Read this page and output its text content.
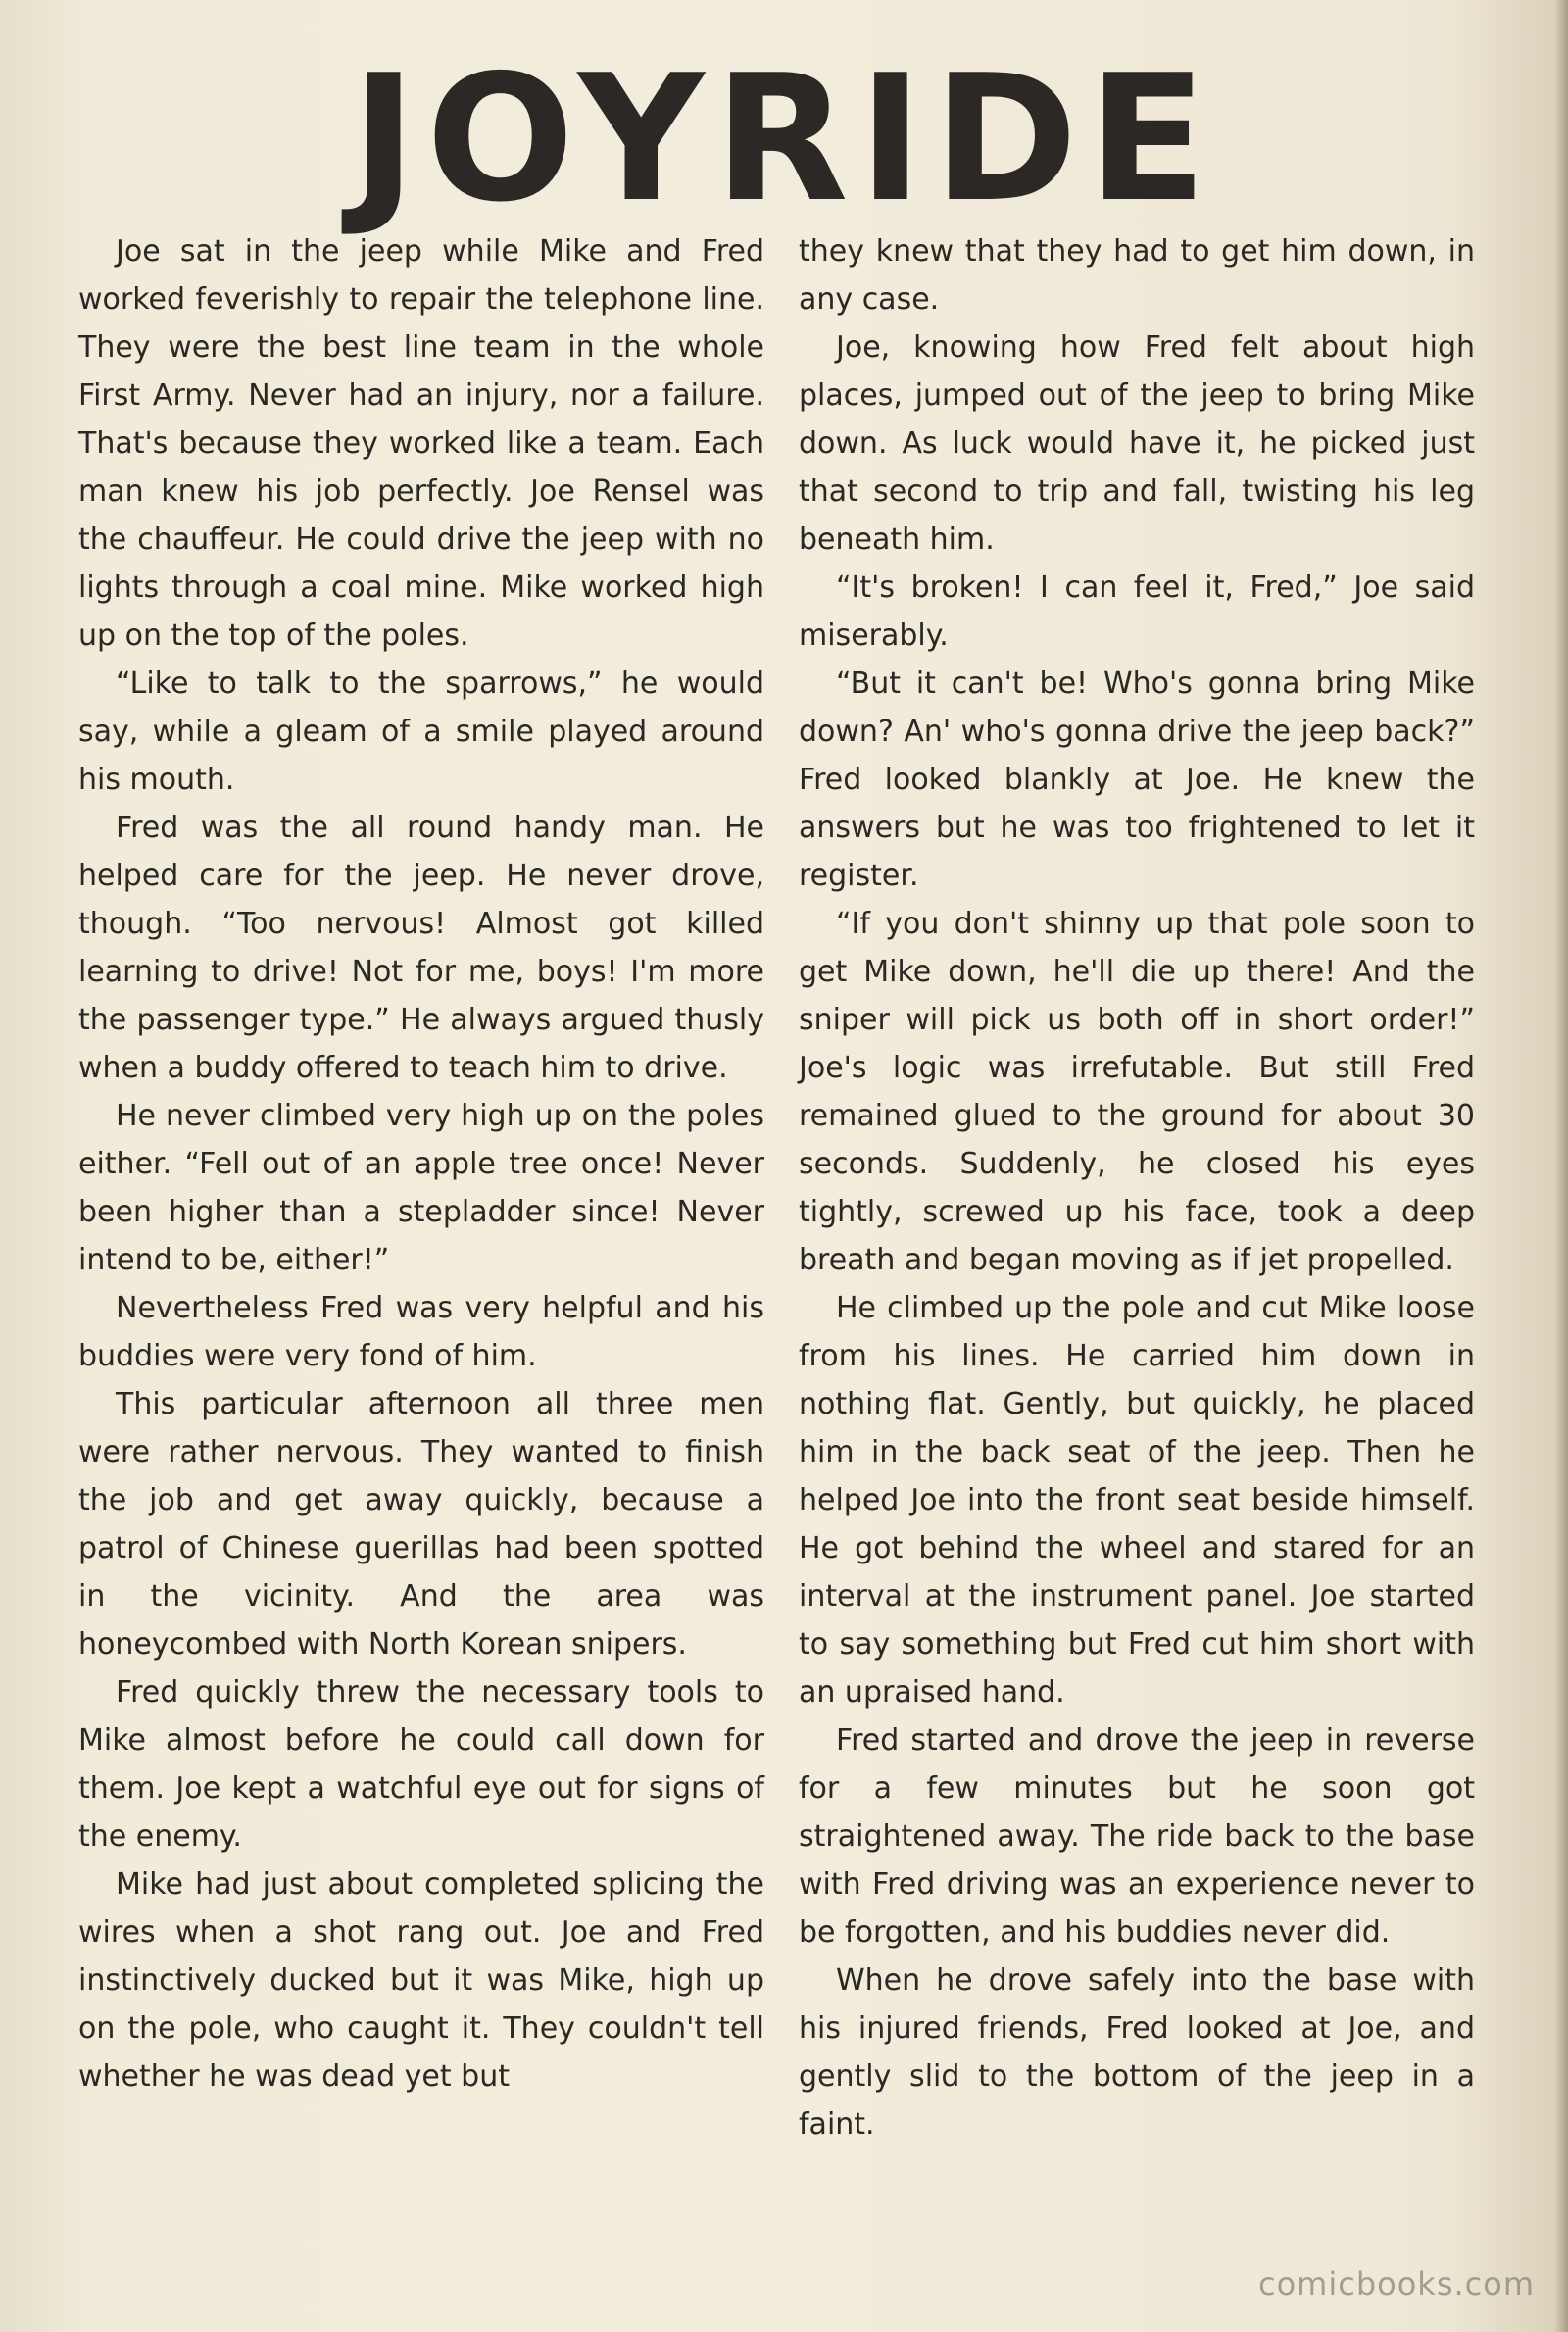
JOYRIDE

Joe sat in the jeep while Mike and Fred worked feverishly to repair the telephone line. They were the best line team in the whole First Army. Never had an injury, nor a failure. That's because they worked like a team. Each man knew his job perfectly. Joe Rensel was the chauffeur. He could drive the jeep with no lights through a coal mine. Mike worked high up on the top of the poles.

“Like to talk to the sparrows,” he would say, while a gleam of a smile played around his mouth.

Fred was the all round handy man. He helped care for the jeep. He never drove, though. “Too nervous! Almost got killed learning to drive! Not for me, boys! I'm more the passenger type.” He always argued thusly when a buddy offered to teach him to drive.

He never climbed very high up on the poles either. “Fell out of an apple tree once! Never been higher than a stepladder since! Never intend to be, either!”

Nevertheless Fred was very helpful and his buddies were very fond of him.

This particular afternoon all three men were rather nervous. They wanted to finish the job and get away quickly, because a patrol of Chinese guerillas had been spotted in the vicinity. And the area was honeycombed with North Korean snipers.

Fred quickly threw the necessary tools to Mike almost before he could call down for them. Joe kept a watchful eye out for signs of the enemy.

Mike had just about completed splicing the wires when a shot rang out. Joe and Fred instinctively ducked but it was Mike, high up on the pole, who caught it. They couldn't tell whether he was dead yet but

they knew that they had to get him down, in any case.

Joe, knowing how Fred felt about high places, jumped out of the jeep to bring Mike down. As luck would have it, he picked just that second to trip and fall, twisting his leg beneath him.

“It's broken! I can feel it, Fred,” Joe said miserably.

“But it can't be! Who's gonna bring Mike down? An' who's gonna drive the jeep back?” Fred looked blankly at Joe. He knew the answers but he was too frightened to let it register.

“If you don't shinny up that pole soon to get Mike down, he'll die up there! And the sniper will pick us both off in short order!” Joe's logic was irrefutable. But still Fred remained glued to the ground for about 30 seconds. Suddenly, he closed his eyes tightly, screwed up his face, took a deep breath and began moving as if jet propelled.

He climbed up the pole and cut Mike loose from his lines. He carried him down in nothing flat. Gently, but quickly, he placed him in the back seat of the jeep. Then he helped Joe into the front seat beside himself. He got behind the wheel and stared for an interval at the instrument panel. Joe started to say something but Fred cut him short with an upraised hand.

Fred started and drove the jeep in reverse for a few minutes but he soon got straightened away. The ride back to the base with Fred driving was an experience never to be forgotten, and his buddies never did.

When he drove safely into the base with his injured friends, Fred looked at Joe, and gently slid to the bottom of the jeep in a faint.

comicbooks.com
